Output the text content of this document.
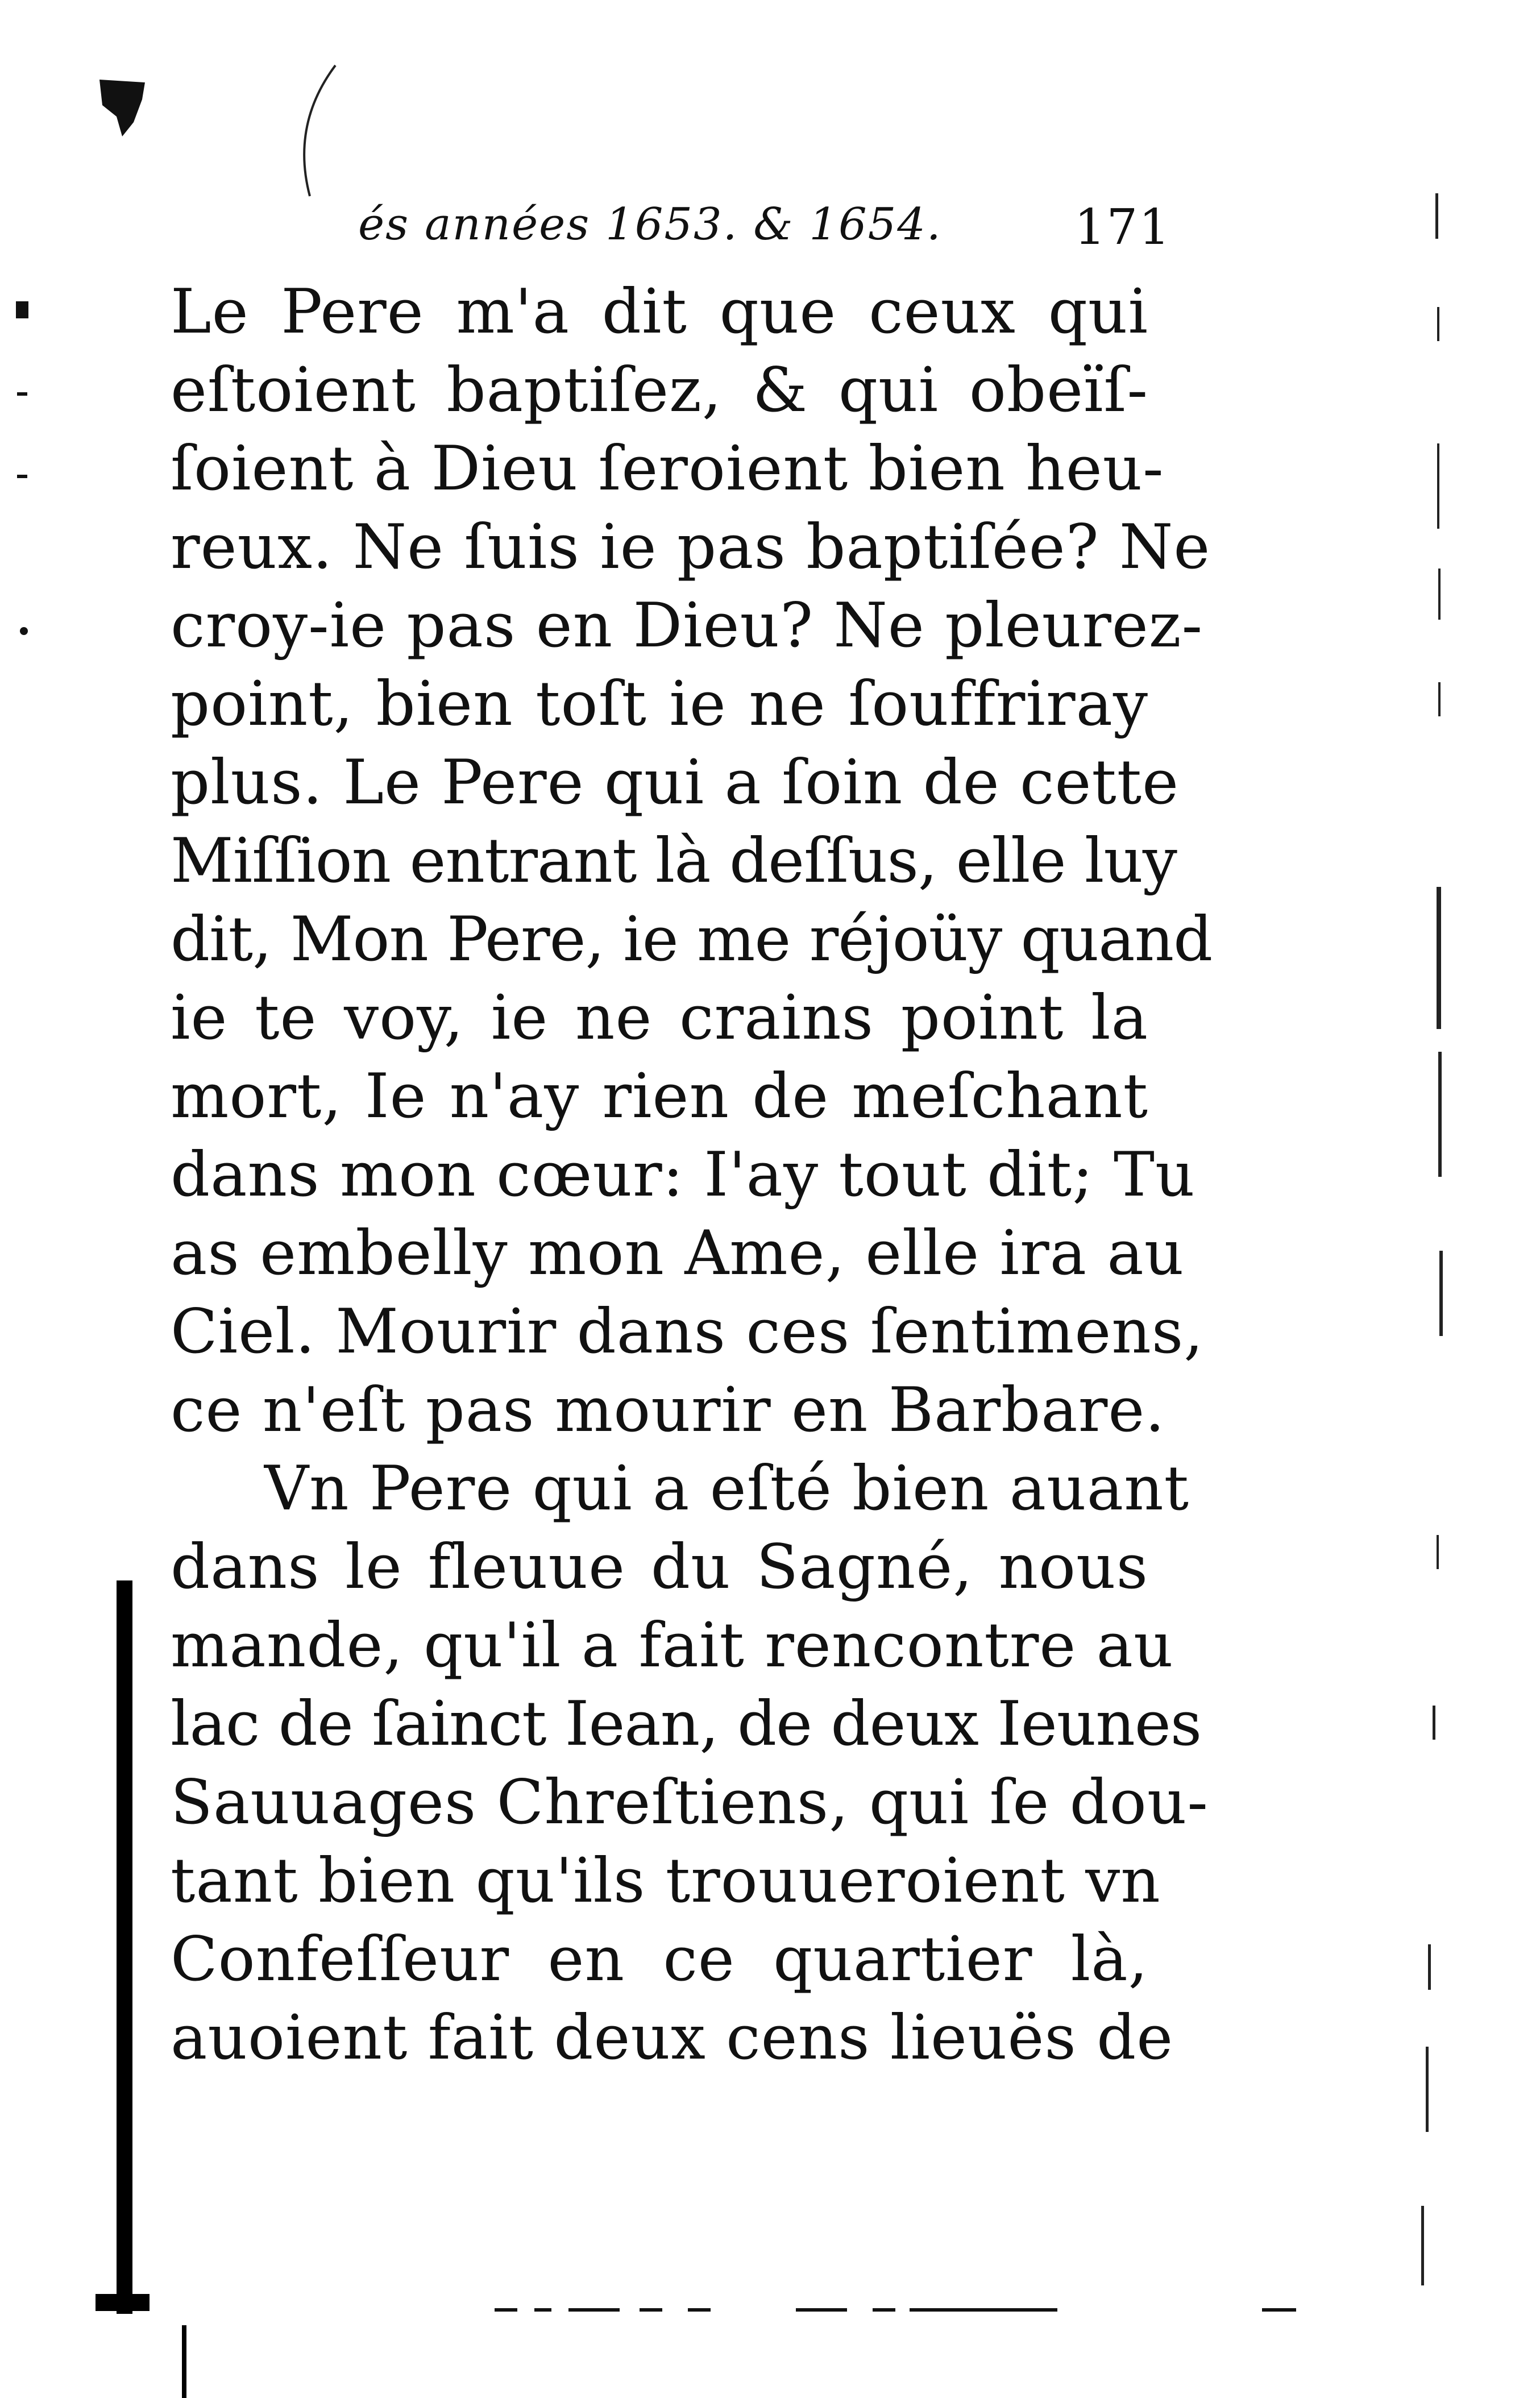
és années 1653. & 1654.	171
Le Pere m'a dit que ceux qui
eſtoient baptiſez, & qui obeïſ-
ſoient à Dieu ſeroient bien heu-
reux. Ne ſuis ie pas baptiſée? Ne
croy-ie pas en Dieu? Ne pleurez-
point, bien toſt ie ne ſouffriray
plus. Le Pere qui a ſoin de cette
Miſſion entrant là deſſus, elle luy
dit, Mon Pere, ie me réjoüy quand
ie te voy, ie ne crains point la
mort, Ie n'ay rien de meſchant
dans mon cœur: I'ay tout dit; Tu
as embelly mon Ame, elle ira au
Ciel. Mourir dans ces ſentimens,
ce n'eſt pas mourir en Barbare.
Vn Pere qui a eſté bien auant
dans le fleuue du Sagné, nous
mande, qu'il a fait rencontre au
lac de ſainct Iean, de deux Ieunes
Sauuages Chreſtiens, qui ſe dou-
tant bien qu'ils trouueroient vn
Confeſſeur en ce quartier là,
auoient fait deux cens lieuës de
